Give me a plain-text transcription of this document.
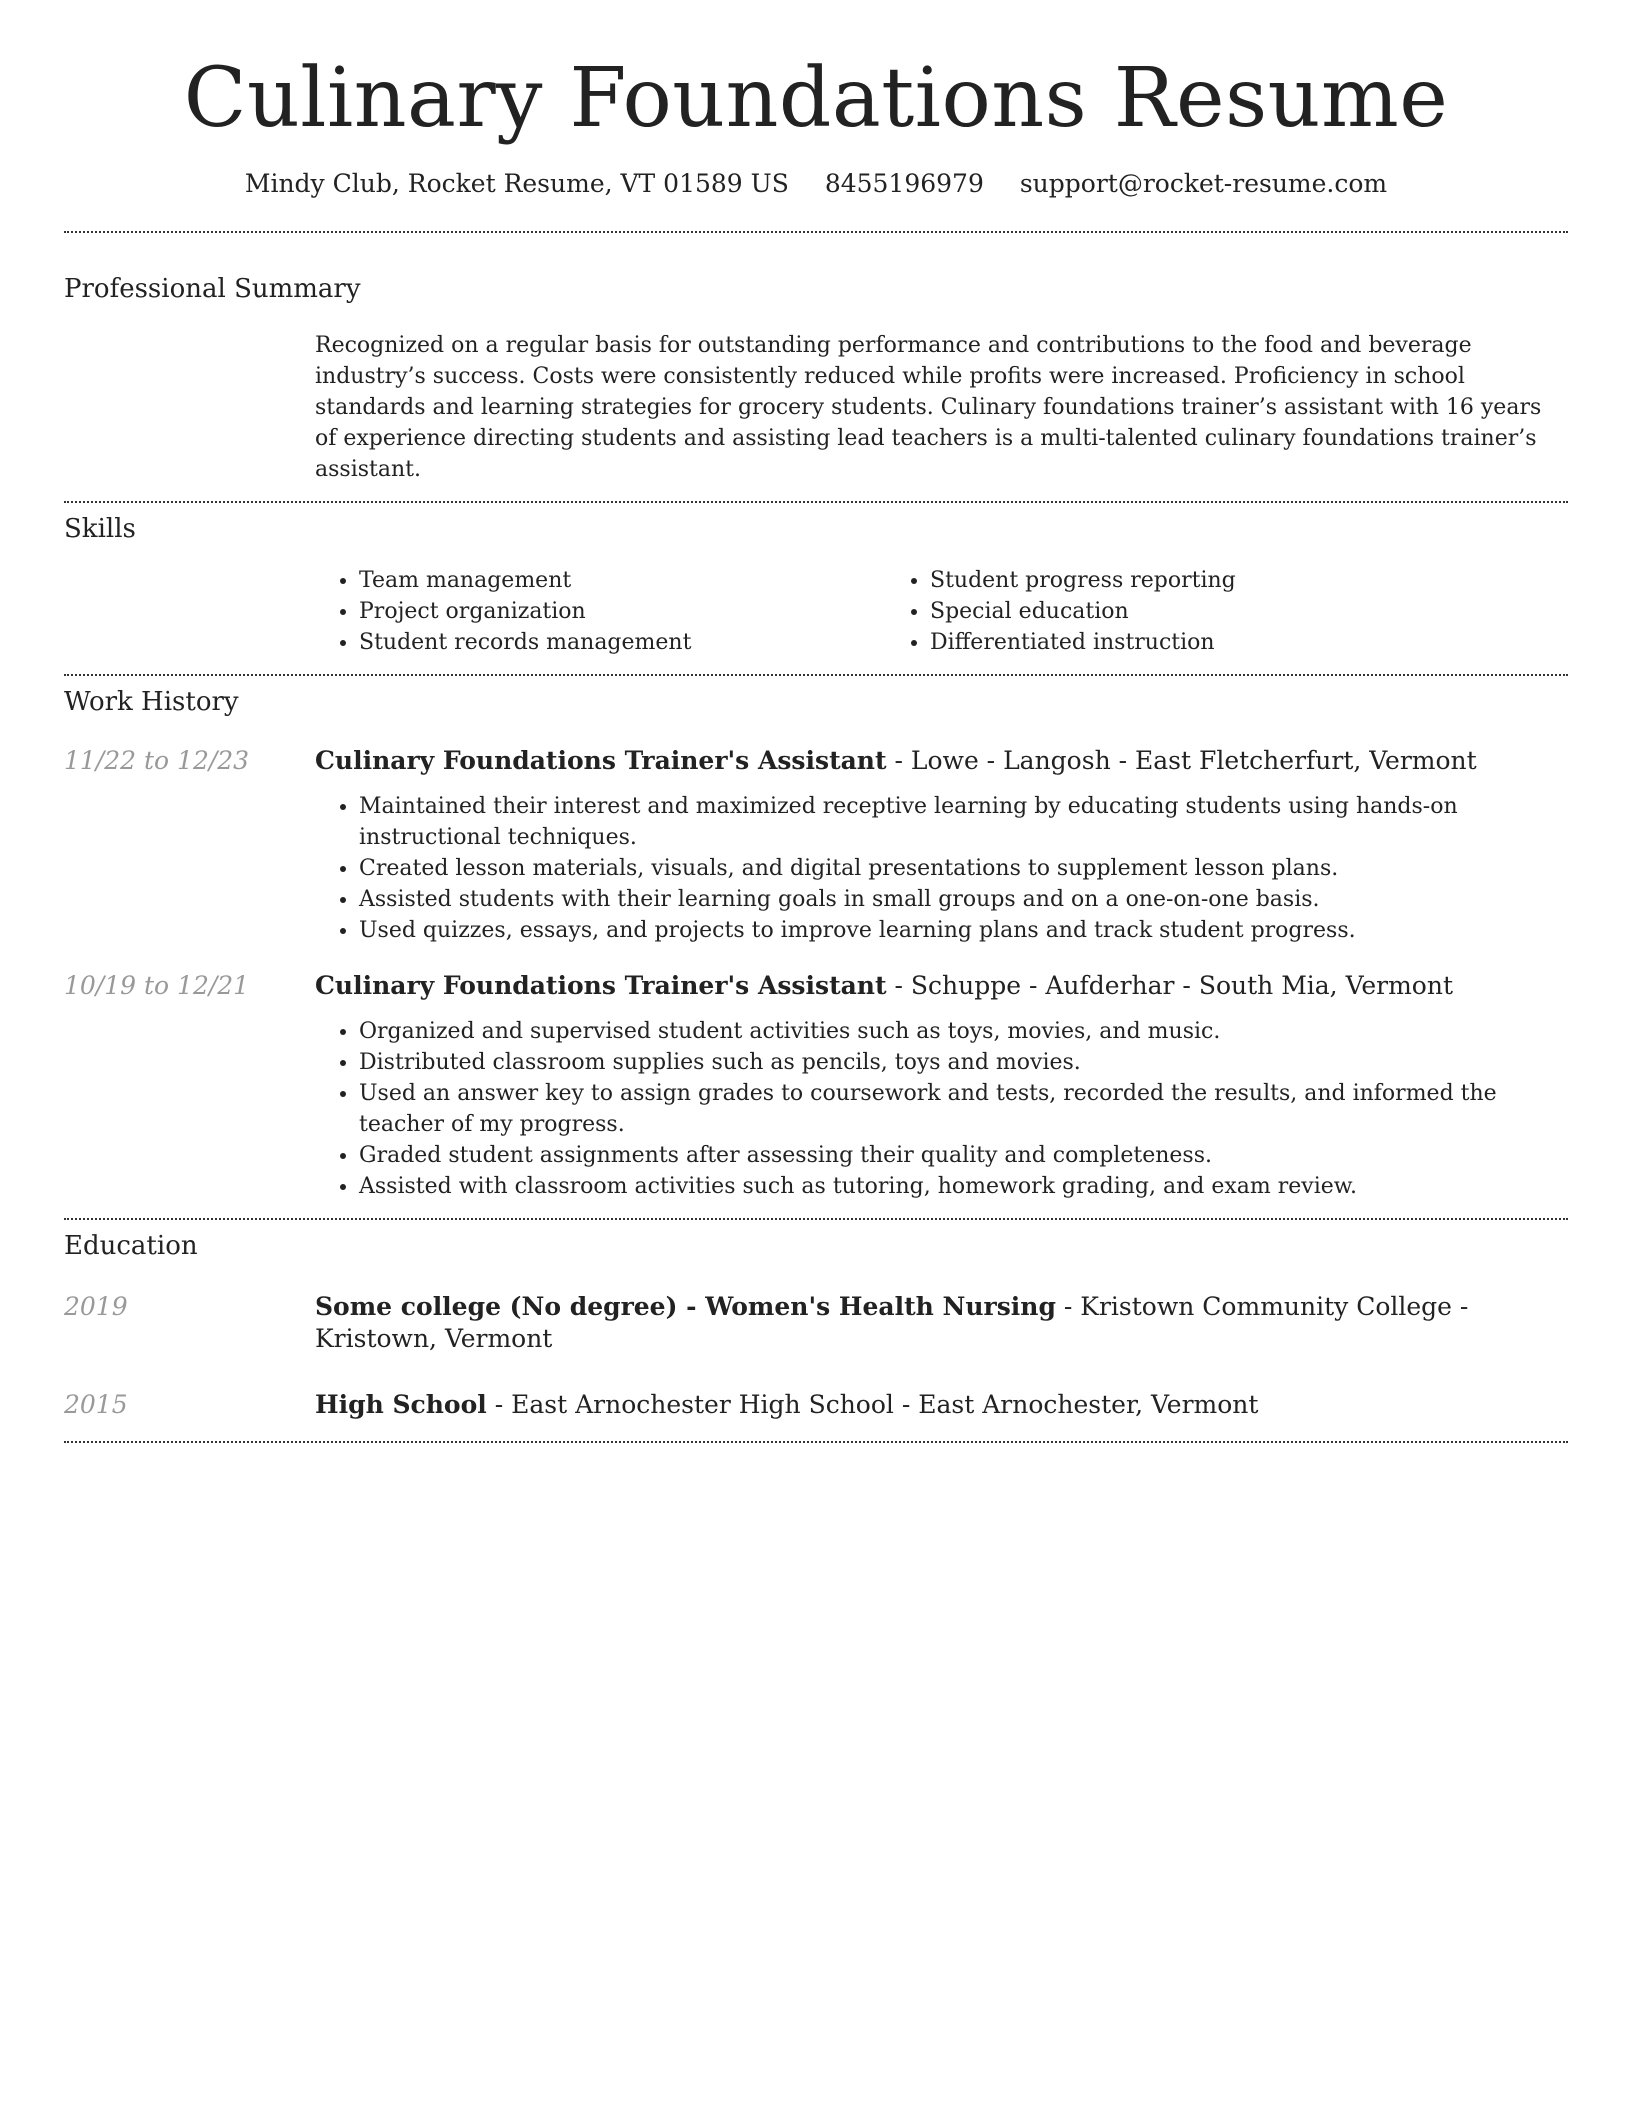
Culinary Foundations Resume
Mindy Club, Rocket Resume, VT 01589 US 8455196979 support@rocket-resume.com
Professional Summary
Recognized on a regular basis for outstanding performance and contributions to the food and beverage industry’s success. Costs were consistently reduced while profits were increased. Proficiency in school standards and learning strategies for grocery students. Culinary foundations trainer’s assistant with 16 years of experience directing students and assisting lead teachers is a multi-talented culinary foundations trainer’s assistant.
Skills
• Team management
• Project organization
• Student records management
• Student progress reporting
• Special education
• Differentiated instruction
Work History
11/22 to 12/23	Culinary Foundations Trainer's Assistant - Lowe - Langosh - East Fletcherfurt, Vermont
• Maintained their interest and maximized receptive learning by educating students using hands-on instructional techniques.
• Created lesson materials, visuals, and digital presentations to supplement lesson plans.
• Assisted students with their learning goals in small groups and on a one-on-one basis.
• Used quizzes, essays, and projects to improve learning plans and track student progress.
10/19 to 12/21	Culinary Foundations Trainer's Assistant - Schuppe - Aufderhar - South Mia, Vermont
• Organized and supervised student activities such as toys, movies, and music.
• Distributed classroom supplies such as pencils, toys and movies.
• Used an answer key to assign grades to coursework and tests, recorded the results, and informed the teacher of my progress.
• Graded student assignments after assessing their quality and completeness.
• Assisted with classroom activities such as tutoring, homework grading, and exam review.
Education
2019	Some college (No degree) - Women's Health Nursing - Kristown Community College - Kristown, Vermont
2015	High School - East Arnochester High School - East Arnochester, Vermont
